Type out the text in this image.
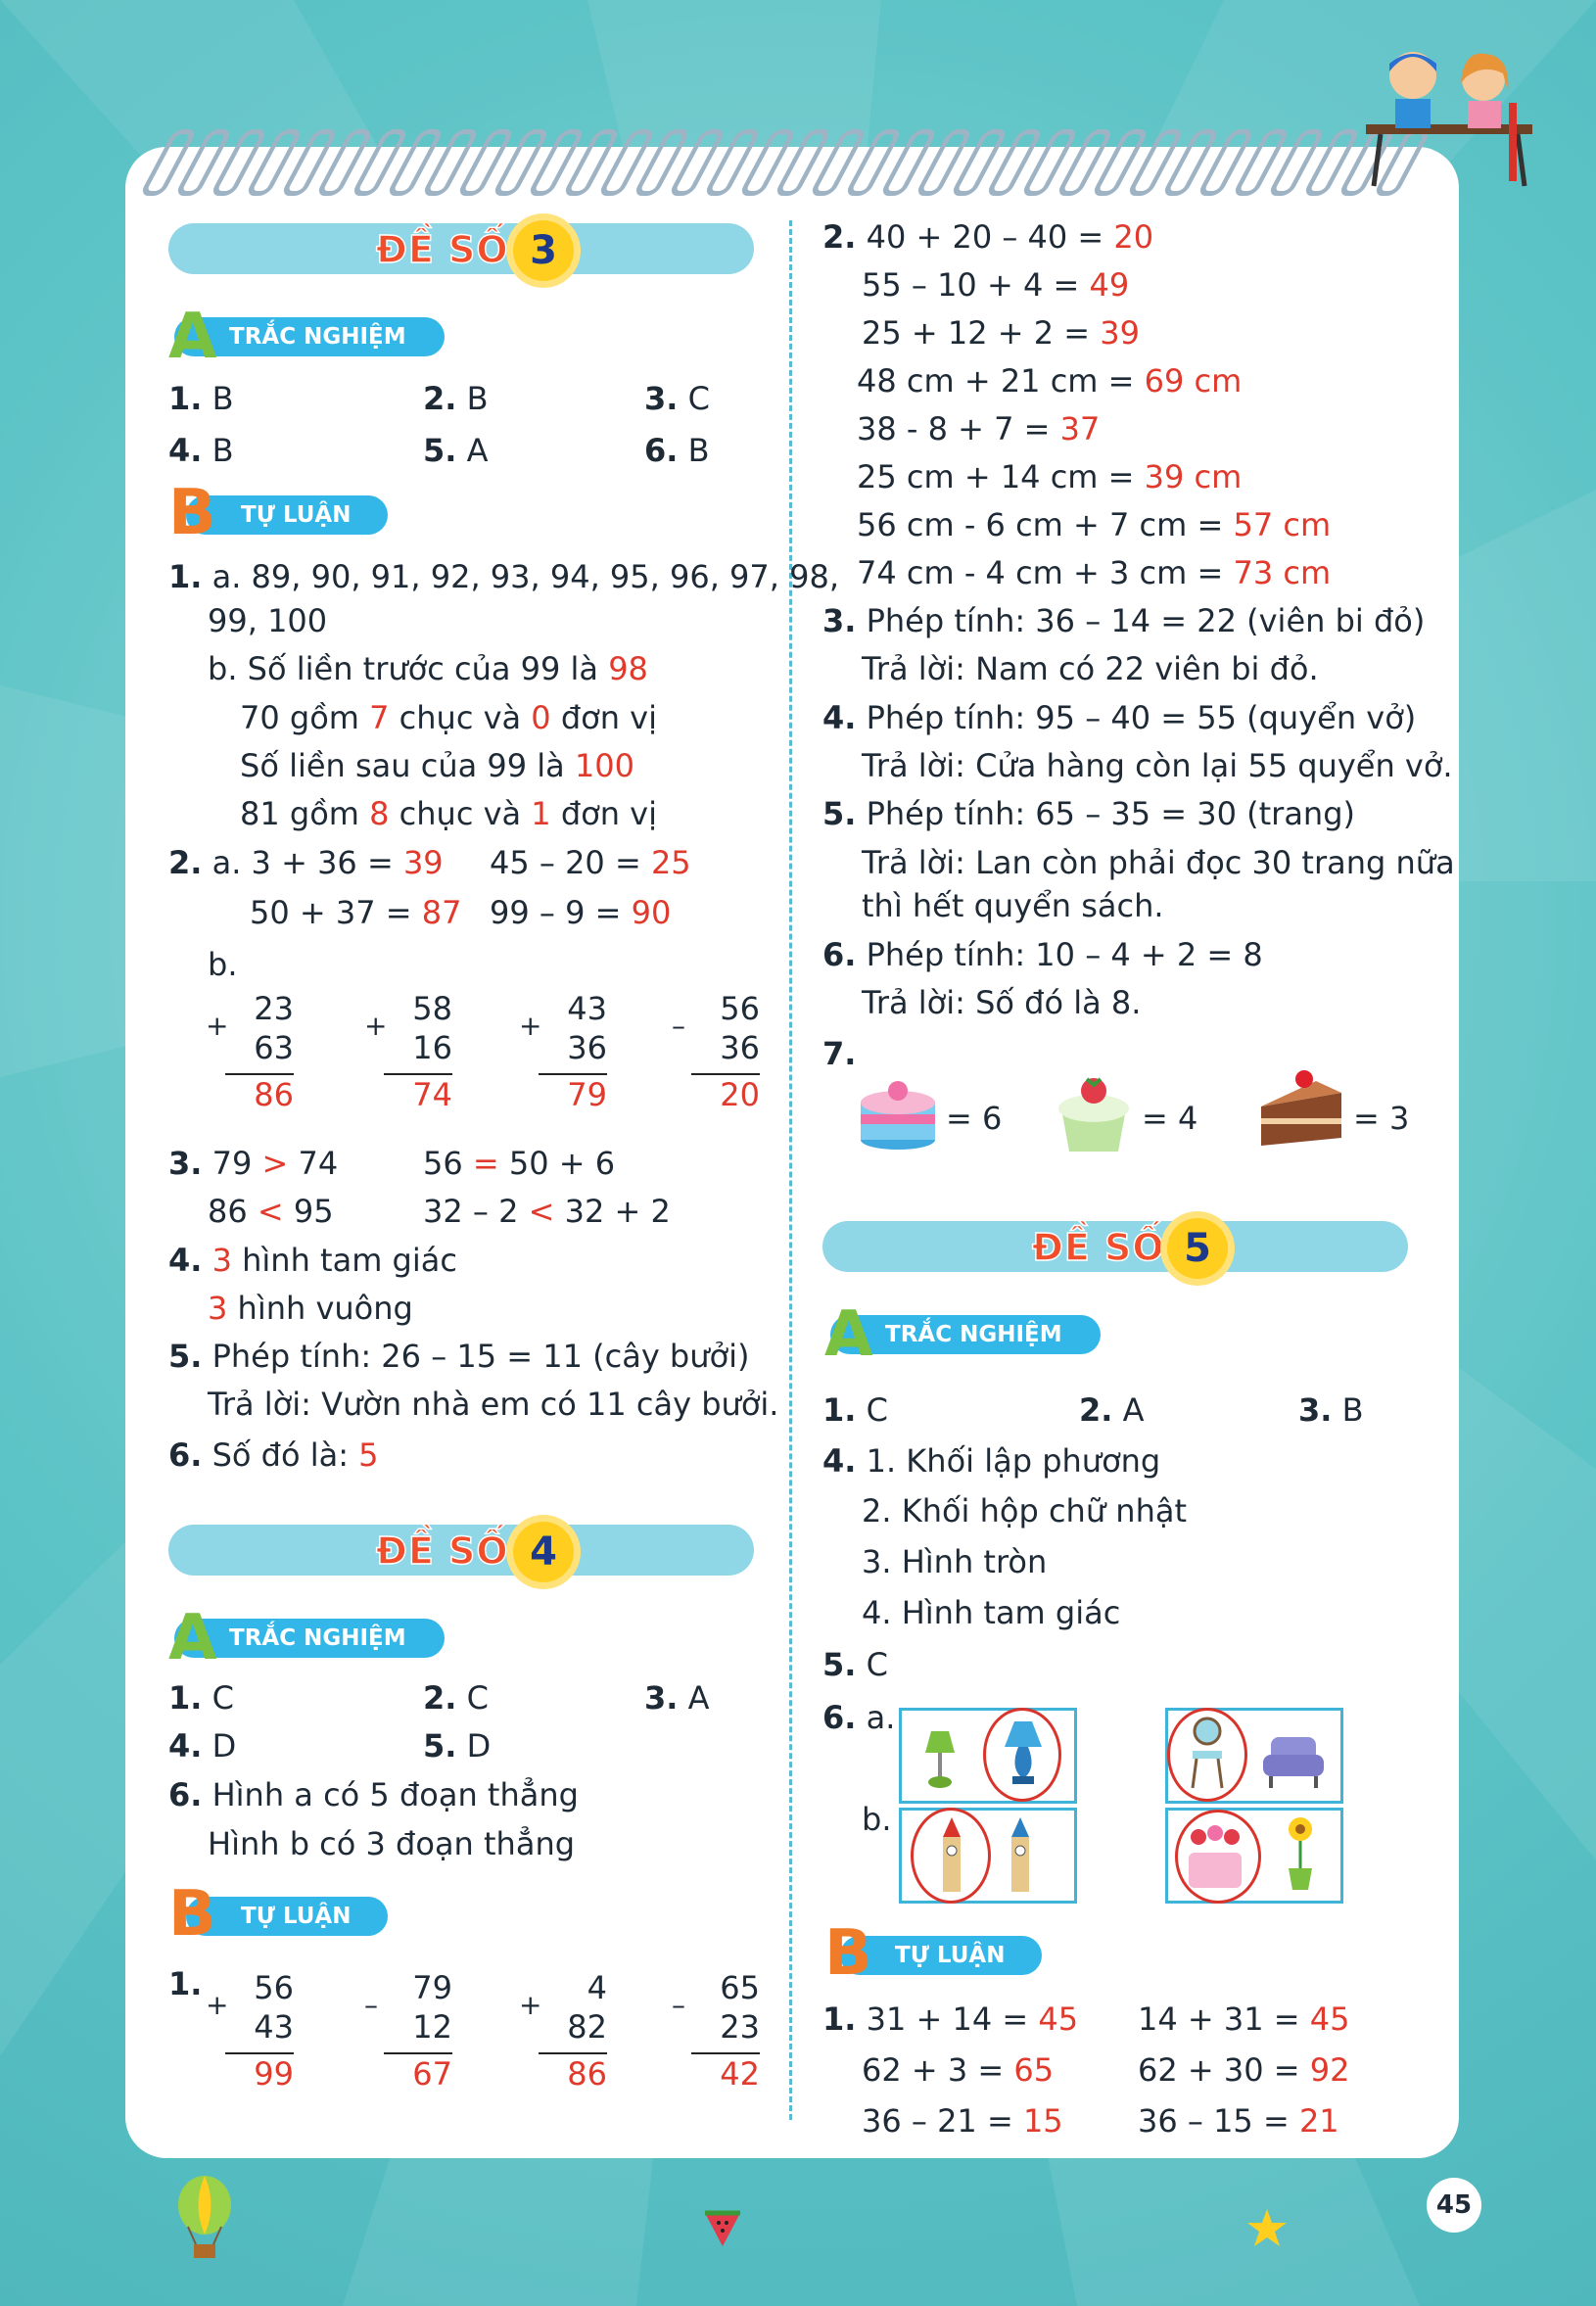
ĐỀ SỐ 3
TRẮC NGHIỆM
A
1. B	2. B	3. C
4. B	5. A	6. B
TỰ LUẬN
B
1. a. 89, 90, 91, 92, 93, 94, 95, 96, 97, 98,
99, 100
b. Số liền trước của 99 là 98
70 gồm 7 chục và 0 đơn vị
Số liền sau của 99 là 100
81 gồm 8 chục và 1 đơn vị
2. a. 3 + 36 = 39 45 – 20 = 25
50 + 37 = 87 99 – 9 = 90
b.
+ 23
63
86
+ 58
16
74
+ 43
36
79
–	56
36
20
3. 79 > 74	56 = 50 + 6
86 < 95	32 – 2 < 32 + 2
4. 3 hình tam giác
3 hình vuông
5. Phép tính: 26 – 15 = 11 (cây bưởi)
Trả lời: Vườn nhà em có 11 cây bưởi.
6. Số đó là: 5
ĐỀ SỐ 4
TRẮC NGHIỆM
A
1. C	2. C	3. A
4. D	5. D
6. Hình a có 5 đoạn thẳng
Hình b có 3 đoạn thẳng
TỰ LUẬN
B
1.
+ 56
43
99
–	79
12
67
+	4
82
86
–	65
23
42
2. 40 + 20 – 40 = 20
55 – 10 + 4 = 49
25 + 12 + 2 = 39
48 cm + 21 cm = 69 cm
38 - 8 + 7 = 37
25 cm + 14 cm = 39 cm
56 cm - 6 cm + 7 cm = 57 cm
74 cm - 4 cm + 3 cm = 73 cm
3. Phép tính: 36 – 14 = 22 (viên bi đỏ)
Trả lời: Nam có 22 viên bi đỏ.
4. Phép tính: 95 – 40 = 55 (quyển vở)
Trả lời: Cửa hàng còn lại 55 quyển vở.
5. Phép tính: 65 – 35 = 30 (trang)
Trả lời: Lan còn phải đọc 30 trang nữa
thì hết quyển sách.
6. Phép tính: 10 – 4 + 2 = 8
Trả lời: Số đó là 8.
7.
= 6	= 4	= 3
ĐỀ SỐ 5
TRẮC NGHIỆM
A
1. C	2. A	3. B
4. 1. Khối lập phương
2. Khối hộp chữ nhật
3. Hình tròn
4. Hình tam giác
5. C
6. a.
b.
TỰ LUẬN
B
1. 31 + 14 = 45 14 + 31 = 45
62 + 3 = 65	62 + 30 = 92
36 – 21 = 15 36 – 15 = 21
45
